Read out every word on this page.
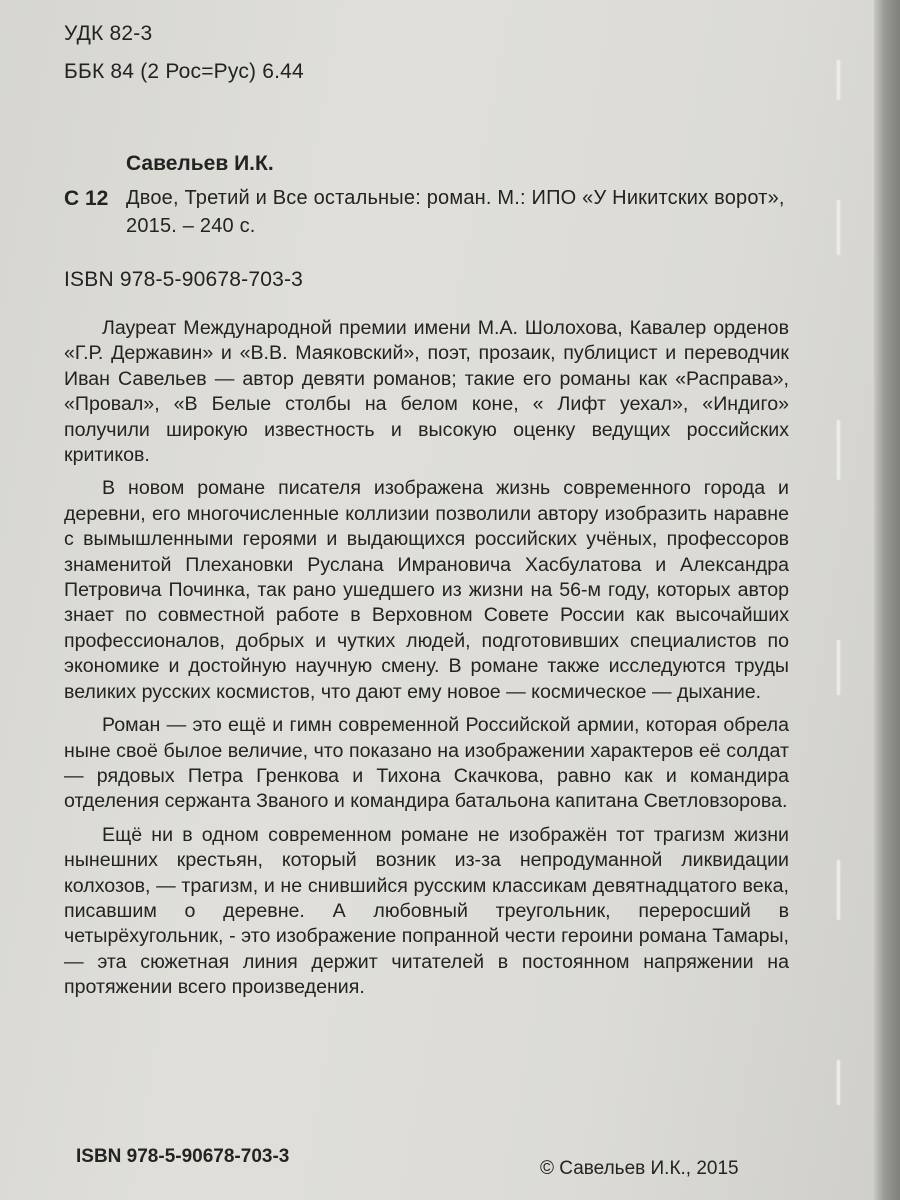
УДК 82-3
ББК 84 (2 Рос=Рус) 6.44
Савельев И.К.
С 12 Двое, Третий и Все остальные: роман. М.: ИПО «У Никитских ворот»,
2015. – 240 с.
ISBN 978-5-90678-703-3

Лауреат Международной премии имени М.А. Шолохова, Кавалер орденов «Г.Р. Державин» и «В.В. Маяковский», поэт, прозаик, публицист и переводчик Иван Савельев — автор девяти романов; такие его романы как «Расправа», «Провал», «В Белые столбы на белом коне, « Лифт уехал», «Индиго» получили широкую известность и высокую оценку ведущих российских критиков.

В новом романе писателя изображена жизнь современного города и деревни, его многочисленные коллизии позволили автору изобразить наравне с вымышленными героями и выдающихся российских учёных, профессоров знаменитой Плехановки Руслана Имрановича Хасбулатова и Александра Петровича Починка, так рано ушедшего из жизни на 56-м году, которых автор знает по совместной работе в Верховном Совете России как высочайших профессионалов, добрых и чутких людей, подготовивших специалистов по экономике и достойную научную смену. В романе также исследуются труды великих русских космистов, что дают ему новое — космическое — дыхание.

Роман — это ещё и гимн современной Российской армии, которая обрела ныне своё былое величие, что показано на изображении характеров её солдат — рядовых Петра Гренкова и Тихона Скачкова, равно как и командира отделения сержанта Званого и командира батальона капитана Светловзорова.

Ещё ни в одном современном романе не изображён тот трагизм жизни нынешних крестьян, который возник из-за непродуманной ликвидации колхозов, — трагизм, и не снившийся русским классикам девятнадцатого века, писавшим о деревне. А любовный треугольник, переросший в четырёхугольник, - это изображение попранной чести героини романа Тамары, — эта сюжетная линия держит читателей в постоянном напряжении на протяжении всего произведения.

ISBN 978-5-90678-703-3
© Савельев И.К., 2015
